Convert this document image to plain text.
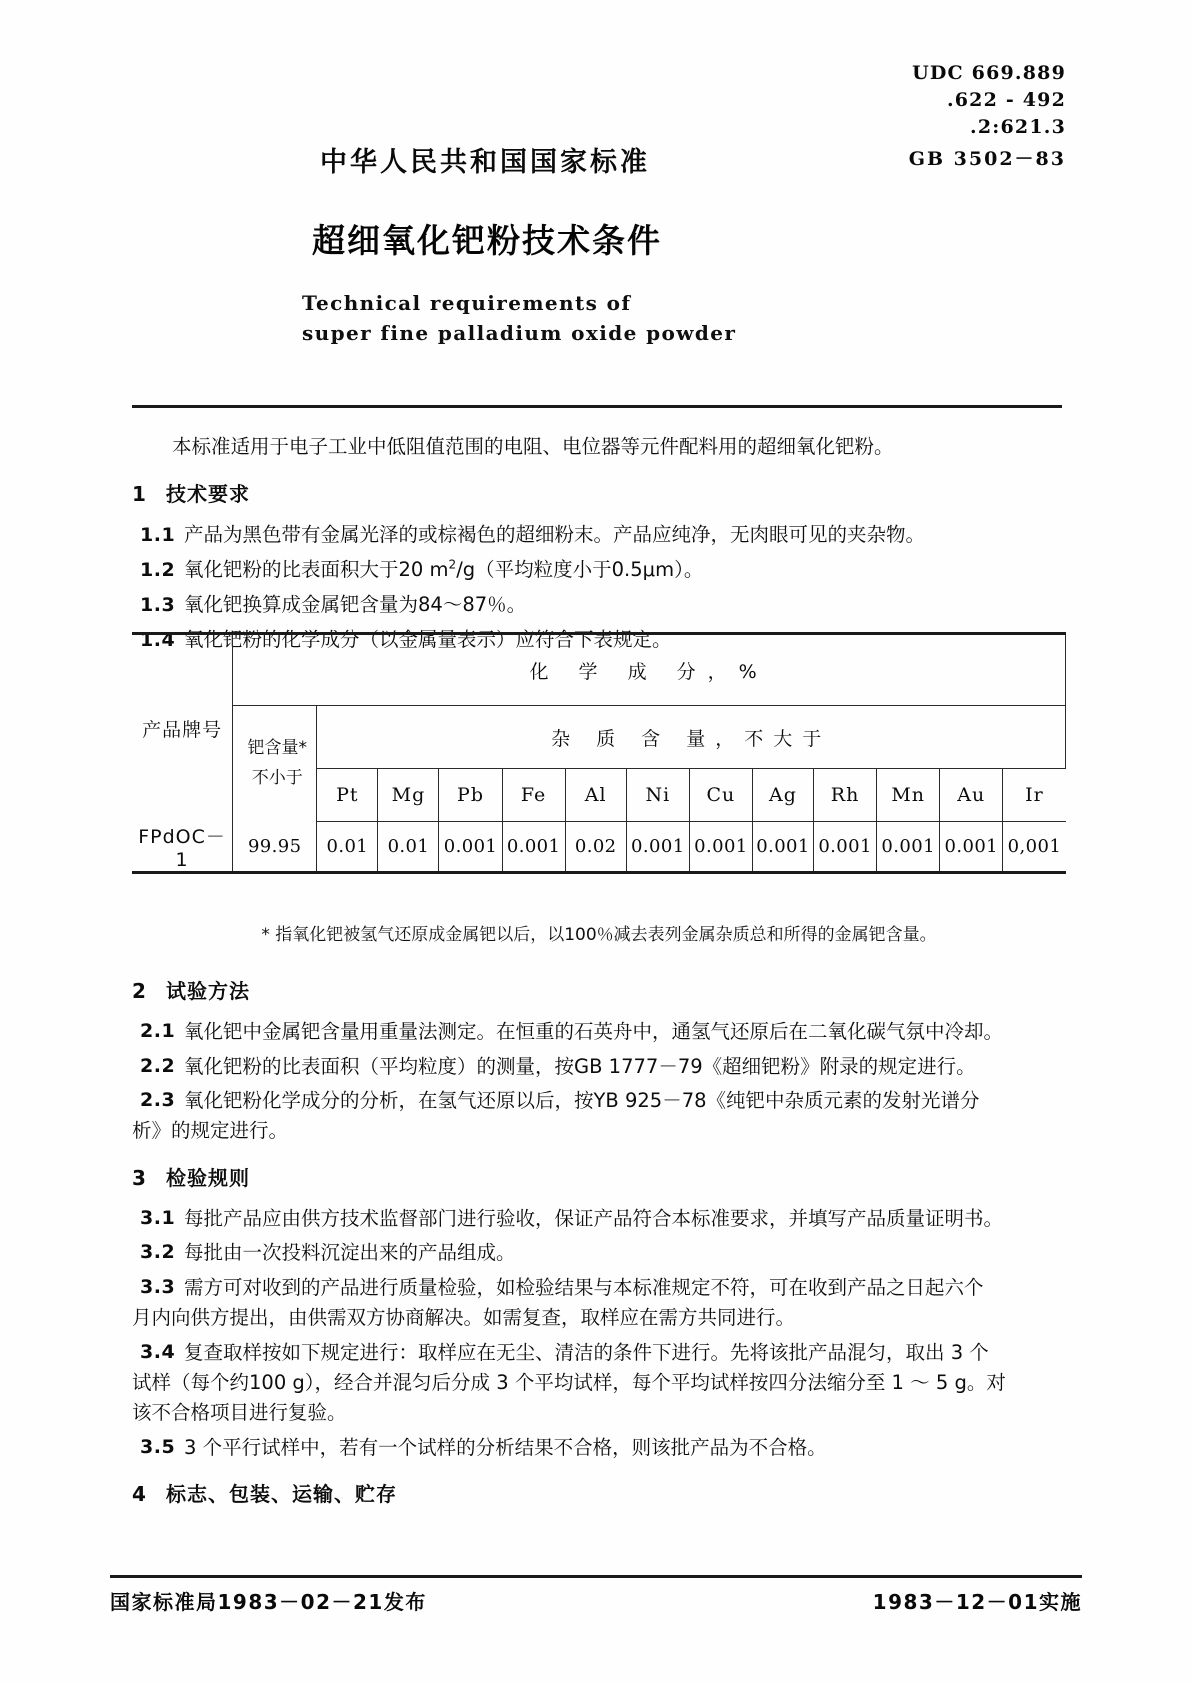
中华人民共和国国家标准
超细氧化钯粉技术条件
Technical requirements of
super fine palladium oxide powder
UDC 669.889
.622 - 492
.2:621.3
GB 3502－83

本标准适用于电子工业中低阻值范围的电阻、电位器等元件配料用的超细氧化钯粉。

1 技术要求

1.1 产品为黑色带有金属光泽的或棕褐色的超细粉末。产品应纯净，无肉眼可见的夹杂物。

1.2 氧化钯粉的比表面积大于20 $m^2/g$（平均粒度小于0.5μm）。

1.3 氧化钯换算成金属钯含量为84～87％。

1.4 氧化钯粉的化学成分（以金属量表示）应符合下表规定。

产品牌号	化 学 成 分，%												
	钯含量*
不小于	杂 质 含 量，不大于											
		Pt	Mg	Pb	Fe	Al	Ni	Cu	Ag	Rh	Mn	Au	Ir
FPdOC－1	99.95	0.01	0.01	0.001	0.001	0.02	0.001	0.001	0.001	0.001	0.001	0.001	0,001
* 指氧化钯被氢气还原成金属钯以后，以100％减去表列金属杂质总和所得的金属钯含量。
2 试验方法

2.1 氧化钯中金属钯含量用重量法测定。在恒重的石英舟中，通氢气还原后在二氧化碳气氛中冷却。

2.2 氧化钯粉的比表面积（平均粒度）的测量，按GB 1777－79《超细钯粉》附录的规定进行。

2.3 氧化钯粉化学成分的分析，在氢气还原以后，按YB 925－78《纯钯中杂质元素的发射光谱分
析》的规定进行。

3 检验规则

3.1 每批产品应由供方技术监督部门进行验收，保证产品符合本标准要求，并填写产品质量证明书。

3.2 每批由一次投料沉淀出来的产品组成。

3.3 需方可对收到的产品进行质量检验，如检验结果与本标准规定不符，可在收到产品之日起六个
月内向供方提出，由供需双方协商解决。如需复查，取样应在需方共同进行。

3.4 复查取样按如下规定进行：取样应在无尘、清洁的条件下进行。先将该批产品混匀，取出 3 个
试样（每个约100 g），经合并混匀后分成 3 个平均试样，每个平均试样按四分法缩分至 1 ～ 5 g。对
该不合格项目进行复验。

3.5 3 个平行试样中，若有一个试样的分析结果不合格，则该批产品为不合格。

4 标志、包装、运输、贮存
国家标准局1983－02－21发布	1983－12－01实施
